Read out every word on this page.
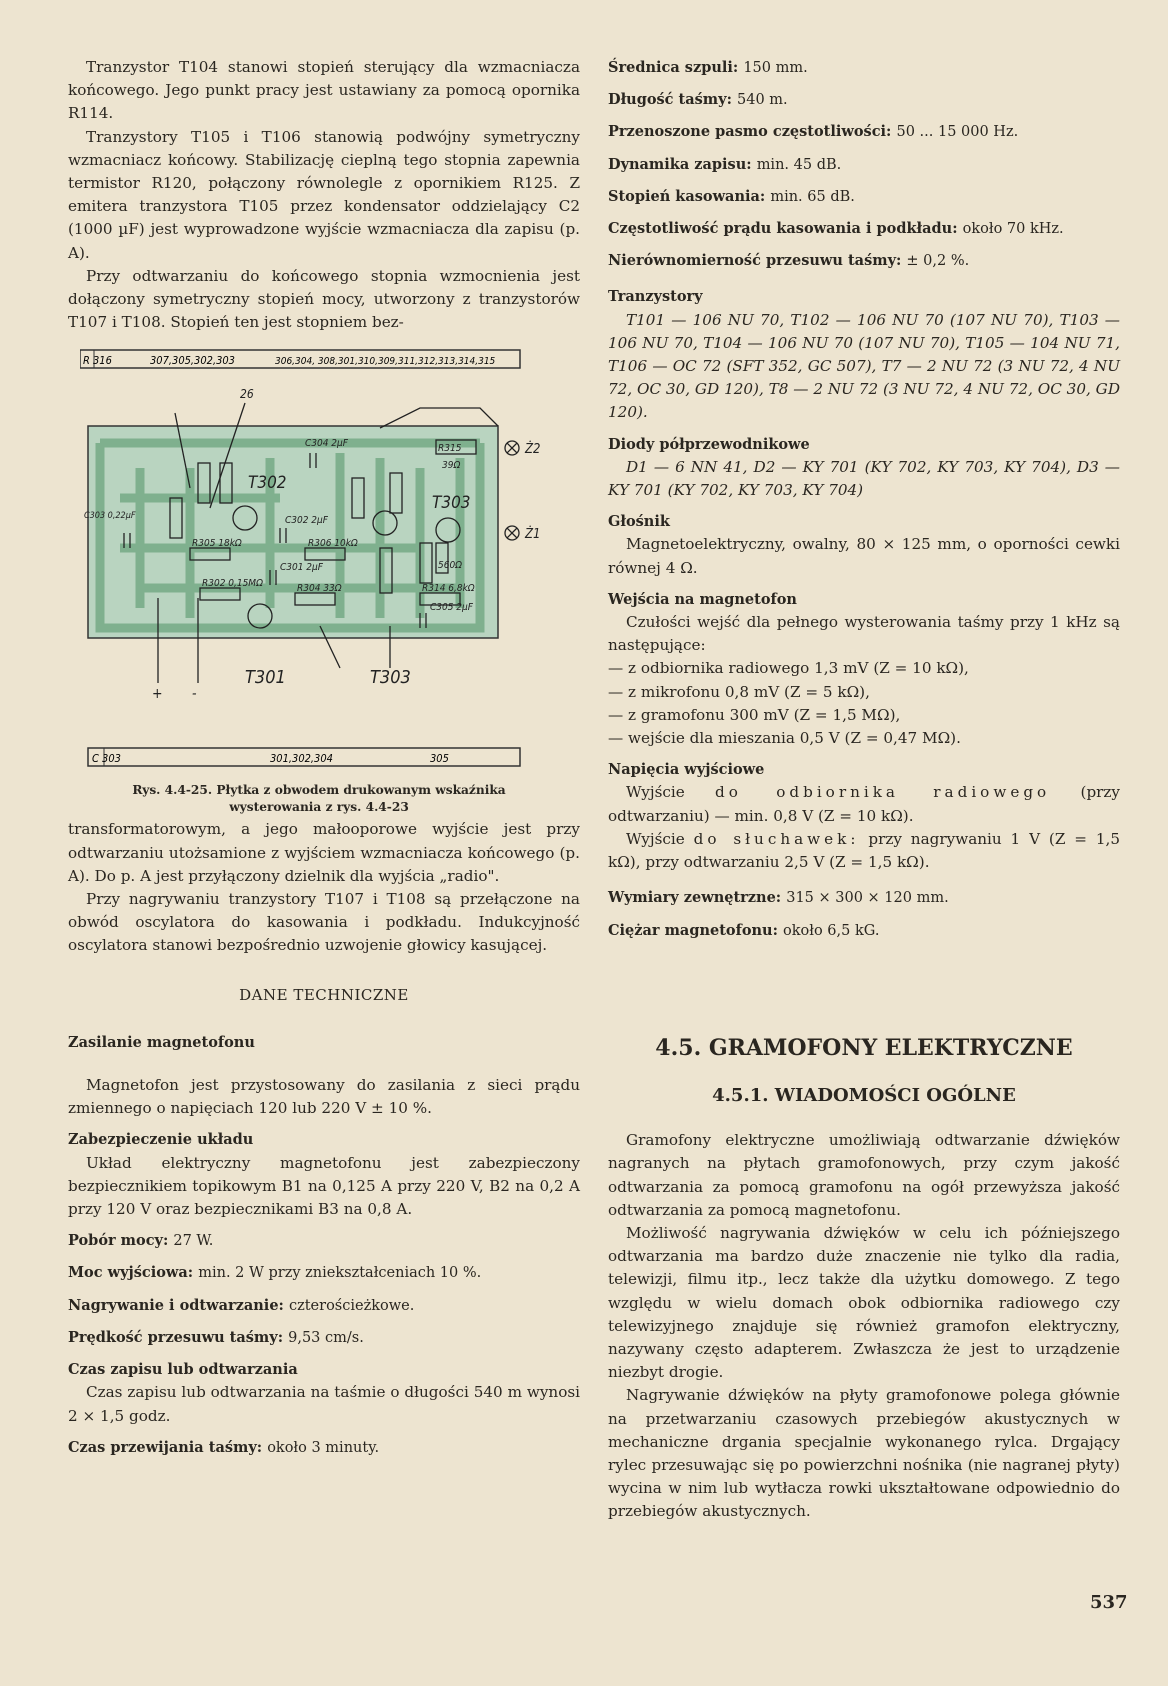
Tranzystor T104 stanowi stopień sterujący dla wzmacniacza końcowego. Jego punkt pracy jest ustawiany za pomocą opornika R114.

Tranzystory T105 i T106 stanowią podwójny symetryczny wzmacniacz końcowy. Stabilizację cieplną tego stopnia zapewnia termistor R120, połączony równolegle z opornikiem R125. Z emitera tranzystora T105 przez kondensator oddzielający C2 (1000 µF) jest wyprowadzone wyjście wzmacniacza dla zapisu (p. A).

Przy odtwarzaniu do końcowego stopnia wzmocnienia jest dołączony symetryczny stopień mocy, utworzony z tranzystorów T107 i T108. Stopień ten jest stopniem bez-

R 316	307,305,302,303	306,304, 308,301,310,309,311,312,313,314,315
T302
T303
T301	T303
C304 2µF
C302 2µF
C301 2µF
C305 2µF
R315	Ż2
Ż1
39Ω
C303 0,22µF
R305 18kΩ	R306 10kΩ
R302 0,15MΩ	R304 33Ω	R314 6,8kΩ
560Ω
26
+ -
C 303	301,302,304	305

Rys. 4.4-25. Płytka z obwodem drukowanym wskaźnika wysterowania z rys. 4.4-23

transformatorowym, a jego małooporowe wyjście jest przy odtwarzaniu utożsamione z wyjściem wzmacniacza końcowego (p. A). Do p. A jest przyłączony dzielnik dla wyjścia „radio".

Przy nagrywaniu tranzystory T107 i T108 są przełączone na obwód oscylatora do kasowania i podkładu. Indukcyjność oscylatora stanowi bezpośrednio uzwojenie głowicy kasującej.

DANE TECHNICZNE

Zasilanie magnetofonu

Magnetofon jest przystosowany do zasilania z sieci prądu zmiennego o napięciach 120 lub 220 V ± 10 %.

Zabezpieczenie układu

Układ elektryczny magnetofonu jest zabezpieczony bezpiecznikiem topikowym B1 na 0,125 A przy 220 V, B2 na 0,2 A przy 120 V oraz bezpiecznikami B3 na 0,8 A.

Pobór mocy: 27 W.

Moc wyjściowa: min. 2 W przy zniekształceniach 10 %.

Nagrywanie i odtwarzanie: czterościeżkowe.

Prędkość przesuwu taśmy: 9,53 cm/s.

Czas zapisu lub odtwarzania

Czas zapisu lub odtwarzania na taśmie o długości 540 m wynosi 2 × 1,5 godz.

Czas przewijania taśmy: około 3 minuty.

Średnica szpuli: 150 mm.

Długość taśmy: 540 m.

Przenoszone pasmo częstotliwości: 50 ... 15 000 Hz.

Dynamika zapisu: min. 45 dB.

Stopień kasowania: min. 65 dB.

Częstotliwość prądu kasowania i podkładu: około 70 kHz.

Nierównomierność przesuwu taśmy: ± 0,2 %.

Tranzystory

T101 — 106 NU 70, T102 — 106 NU 70 (107 NU 70), T103 — 106 NU 70, T104 — 106 NU 70 (107 NU 70), T105 — 104 NU 71, T106 — OC 72 (SFT 352, GC 507), T7 — 2 NU 72 (3 NU 72, 4 NU 72, OC 30, GD 120), T8 — 2 NU 72 (3 NU 72, 4 NU 72, OC 30, GD 120).

Diody półprzewodnikowe

D1 — 6 NN 41, D2 — KY 701 (KY 702, KY 703, KY 704), D3 — KY 701 (KY 702, KY 703, KY 704)

Głośnik

Magnetoelektryczny, owalny, 80 × 125 mm, o oporności cewki równej 4 Ω.

Wejścia na magnetofon

Czułości wejść dla pełnego wysterowania taśmy przy 1 kHz są następujące:

— z odbiornika radiowego 1,3 mV (Z = 10 kΩ),

— z mikrofonu 0,8 mV (Z = 5 kΩ),

— z gramofonu 300 mV (Z = 1,5 MΩ),

— wejście dla mieszania 0,5 V (Z = 0,47 MΩ).

Napięcia wyjściowe

Wyjście do odbiornika radiowego (przy odtwarzaniu) — min. 0,8 V (Z = 10 kΩ).

Wyjście do słuchawek: przy nagrywaniu 1 V (Z = 1,5 kΩ), przy odtwarzaniu 2,5 V (Z = 1,5 kΩ).

Wymiary zewnętrzne: 315 × 300 × 120 mm.

Ciężar magnetofonu: około 6,5 kG.

4.5. GRAMOFONY ELEKTRYCZNE

4.5.1. WIADOMOŚCI OGÓLNE

Gramofony elektryczne umożliwiają odtwarzanie dźwięków nagranych na płytach gramofonowych, przy czym jakość odtwarzania za pomocą gramofonu na ogół przewyższa jakość odtwarzania za pomocą magnetofonu.

Możliwość nagrywania dźwięków w celu ich późniejszego odtwarzania ma bardzo duże znaczenie nie tylko dla radia, telewizji, filmu itp., lecz także dla użytku domowego. Z tego względu w wielu domach obok odbiornika radiowego czy telewizyjnego znajduje się również gramofon elektryczny, nazywany często adapterem. Zwłaszcza że jest to urządzenie niezbyt drogie.

Nagrywanie dźwięków na płyty gramofonowe polega głównie na przetwarzaniu czasowych przebiegów akustycznych w mechaniczne drgania specjalnie wykonanego rylca. Drgający rylec przesuwając się po powierzchni nośnika (nie nagranej płyty) wycina w nim lub wytłacza rowki ukształtowane odpowiednio do przebiegów akustycznych.

537
